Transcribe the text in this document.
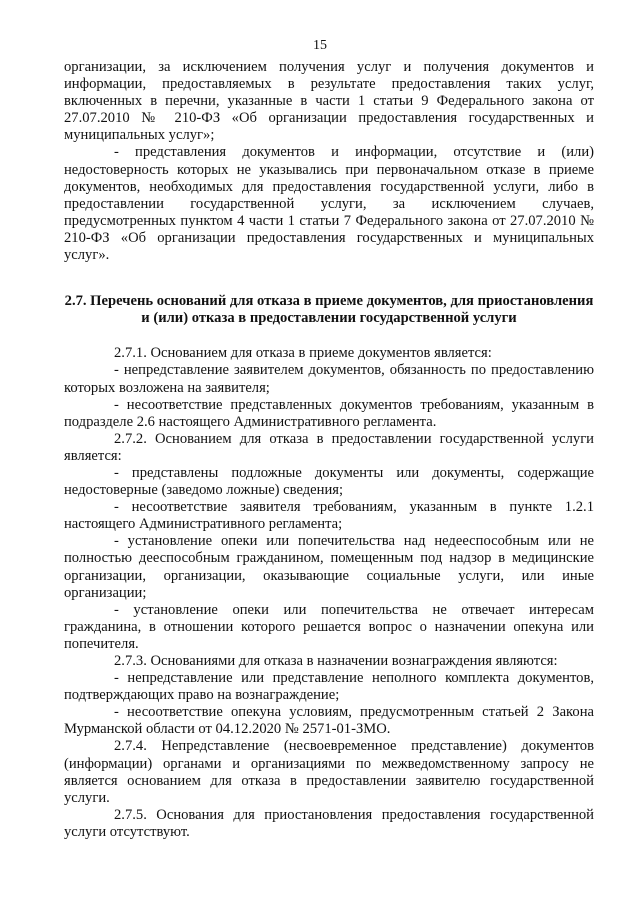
15

организации, за исключением получения услуг и получения документов и информации, предоставляемых в результате предоставления таких услуг, включенных в перечни, указанные в части 1 статьи 9 Федерального закона от 27.07.2010 № 210-ФЗ «Об организации предоставления государственных и муниципальных услуг»;

- представления документов и информации, отсутствие и (или) недостоверность которых не указывались при первоначальном отказе в приеме документов, необходимых для предоставления государственной услуги, либо в предоставлении государственной услуги, за исключением случаев, предусмотренных пунктом 4 части 1 статьи 7 Федерального закона от 27.07.2010 № 210-ФЗ «Об организации предоставления государственных и муниципальных услуг».

2.7. Перечень оснований для отказа в приеме документов, для приостановления и (или) отказа в предоставлении государственной услуги

2.7.1. Основанием для отказа в приеме документов является:

- непредставление заявителем документов, обязанность по предоставлению которых возложена на заявителя;

- несоответствие представленных документов требованиям, указанным в подразделе 2.6 настоящего Административного регламента.

2.7.2. Основанием для отказа в предоставлении государственной услуги является:

- представлены подложные документы или документы, содержащие недостоверные (заведомо ложные) сведения;

- несоответствие заявителя требованиям, указанным в пункте 1.2.1 настоящего Административного регламента;

- установление опеки или попечительства над недееспособным или не полностью дееспособным гражданином, помещенным под надзор в медицинские организации, организации, оказывающие социальные услуги, или иные организации;

- установление опеки или попечительства не отвечает интересам гражданина, в отношении которого решается вопрос о назначении опекуна или попечителя.

2.7.3. Основаниями для отказа в назначении вознаграждения являются:

- непредставление или представление неполного комплекта документов, подтверждающих право на вознаграждение;

- несоответствие опекуна условиям, предусмотренным статьей 2 Закона Мурманской области от 04.12.2020 № 2571-01-ЗМО.

2.7.4. Непредставление (несвоевременное представление) документов (информации) органами и организациями по межведомственному запросу не является основанием для отказа в предоставлении заявителю государственной услуги.

2.7.5. Основания для приостановления предоставления государственной услуги отсутствуют.
